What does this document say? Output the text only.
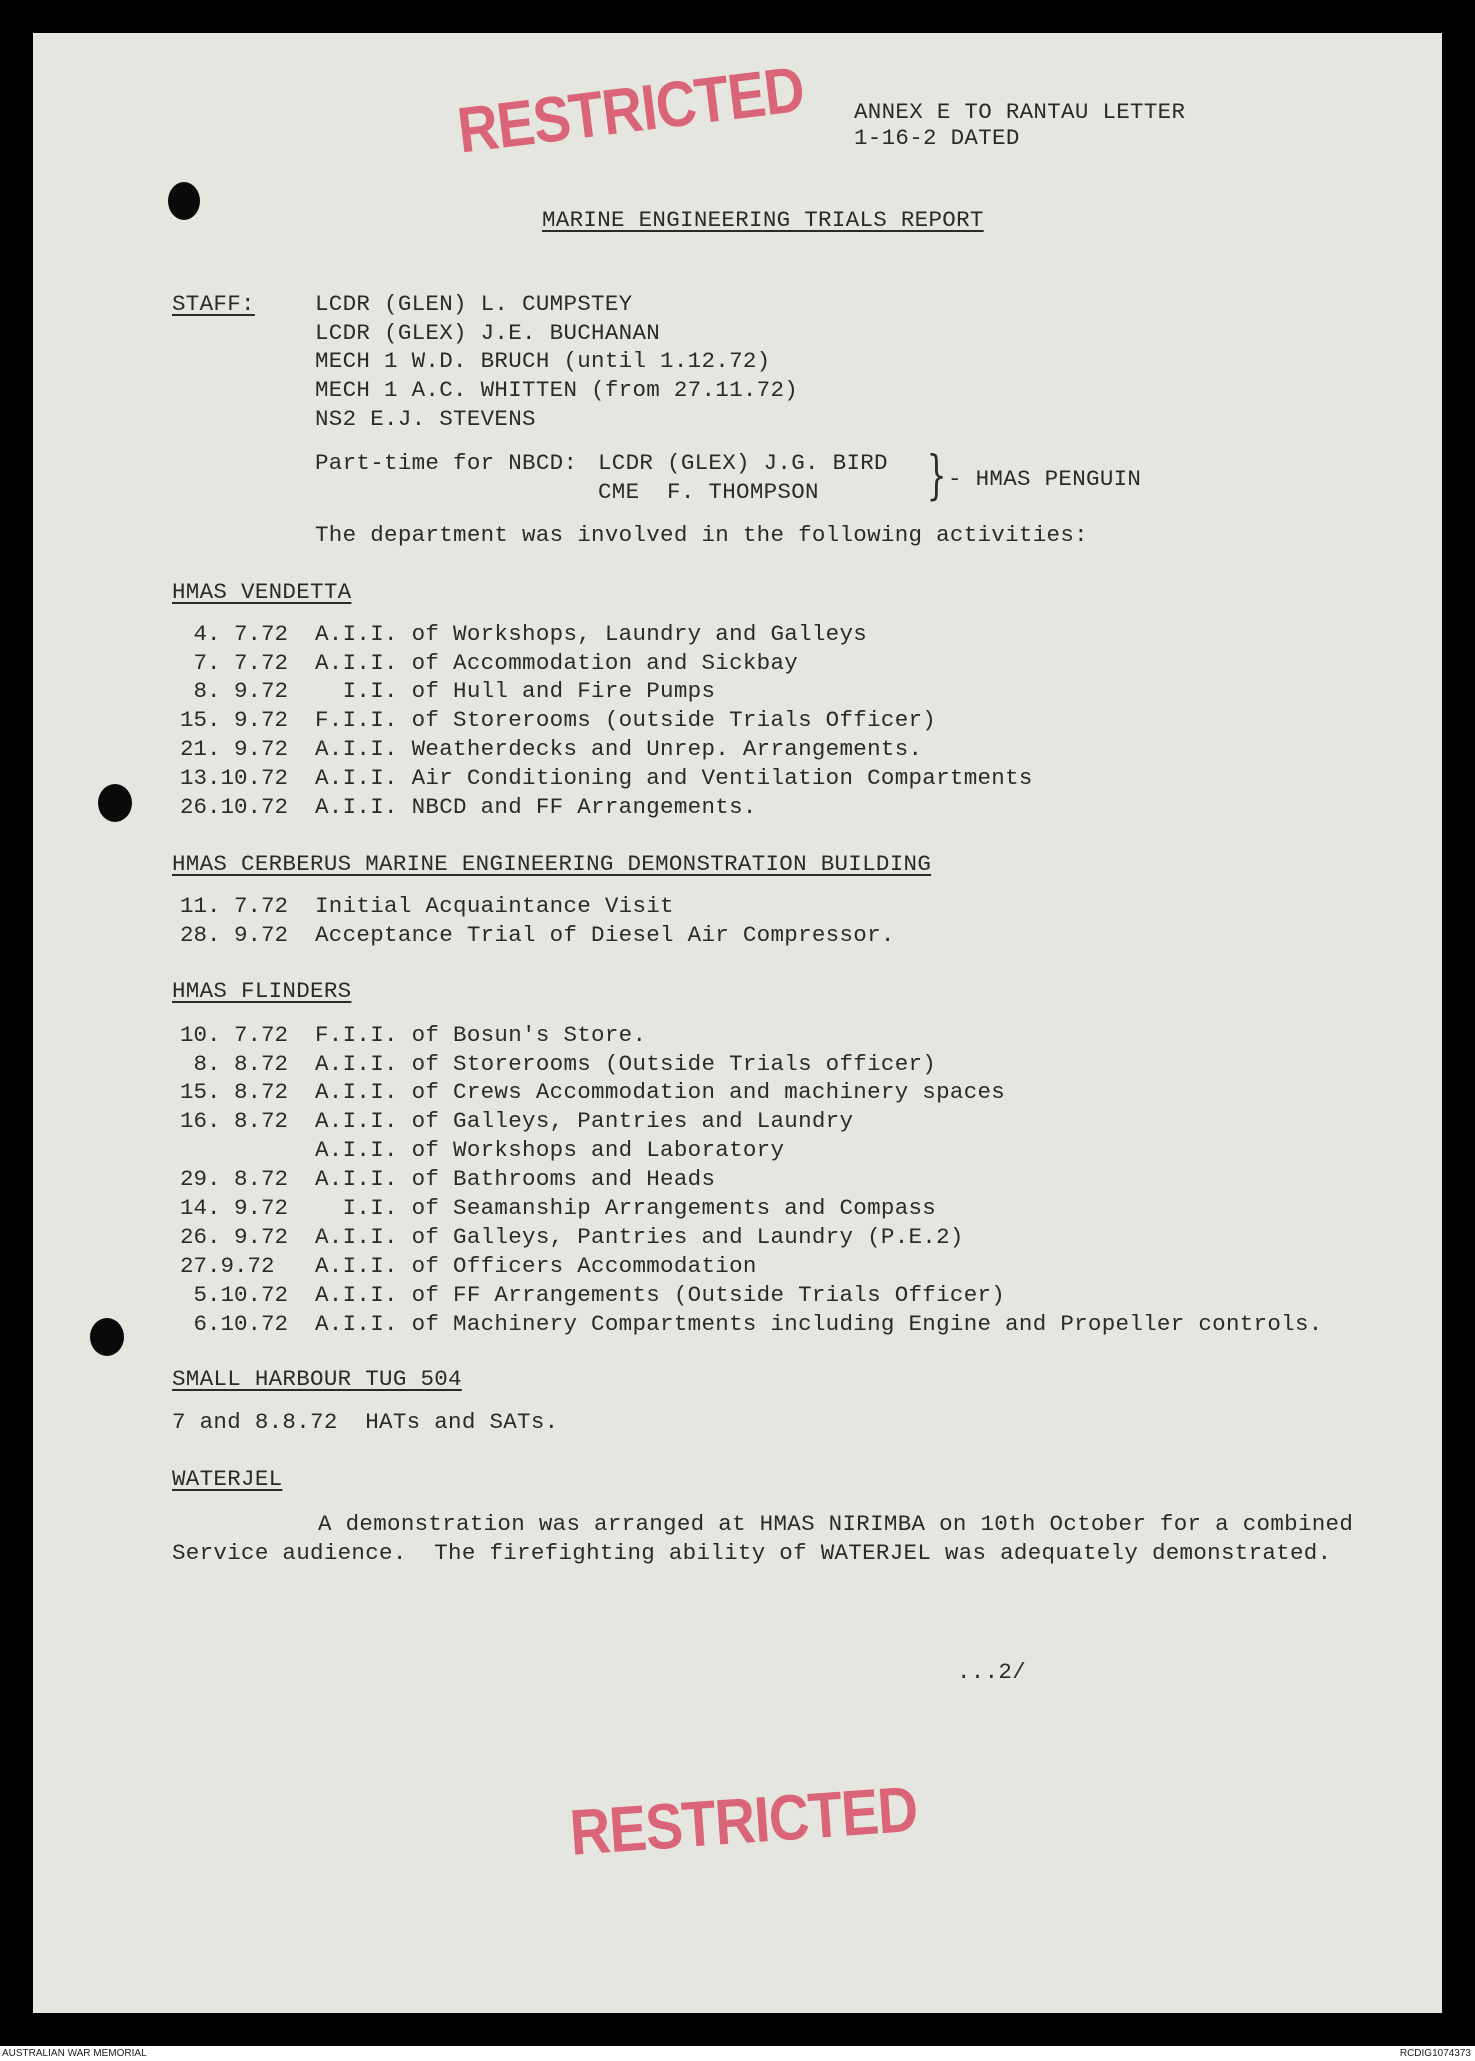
RESTRICTED ANNEX E TO RANTAU LETTER
1-16-2 DATED
MARINE ENGINEERING TRIALS REPORT
STAFF:	LCDR (GLEN) L. CUMPSTEY
LCDR (GLEX) J.E. BUCHANAN
MECH 1 W.D. BRUCH (until 1.12.72)
MECH 1 A.C. WHITTEN (from 27.11.72)
NS2 E.J. STEVENS
Part-time for NBCD: LCDR (GLEX) J.G. BIRD
CME  F. THOMPSON } - HMAS PENGUIN
The department was involved in the following activities:
HMAS VENDETTA
4. 7.72 A.I.I. of Workshops, Laundry and Galleys
7. 7.72 A.I.I. of Accommodation and Sickbay
8. 9.72 I.I. of Hull and Fire Pumps
15. 9.72 F.I.I. of Storerooms (outside Trials Officer)
21. 9.72 A.I.I. Weatherdecks and Unrep. Arrangements.
13.10.72 A.I.I. Air Conditioning and Ventilation Compartments
26.10.72 A.I.I. NBCD and FF Arrangements.
HMAS CERBERUS MARINE ENGINEERING DEMONSTRATION BUILDING
11. 7.72 Initial Acquaintance Visit
28. 9.72 Acceptance Trial of Diesel Air Compressor.
HMAS FLINDERS
10. 7.72 F.I.I. of Bosun's Store.
8. 8.72 A.I.I. of Storerooms (Outside Trials officer)
15. 8.72 A.I.I. of Crews Accommodation and machinery spaces
16. 8.72 A.I.I. of Galleys, Pantries and Laundry
A.I.I. of Workshops and Laboratory
29. 8.72 A.I.I. of Bathrooms and Heads
14. 9.72 I.I. of Seamanship Arrangements and Compass
26. 9.72 A.I.I. of Galleys, Pantries and Laundry (P.E.2)
27.9.72 A.I.I. of Officers Accommodation
5.10.72 A.I.I. of FF Arrangements (Outside Trials Officer)
6.10.72 A.I.I. of Machinery Compartments including Engine and Propeller controls.
SMALL HARBOUR TUG 504
7 and 8.8.72  HATs and SATs.
WATERJEL
A demonstration was arranged at HMAS NIRIMBA on 10th October for a combined
Service audience.  The firefighting ability of WATERJEL was adequately demonstrated.
...2/
RESTRICTED
AUSTRALIAN WAR MEMORIAL	RCDIG1074373
